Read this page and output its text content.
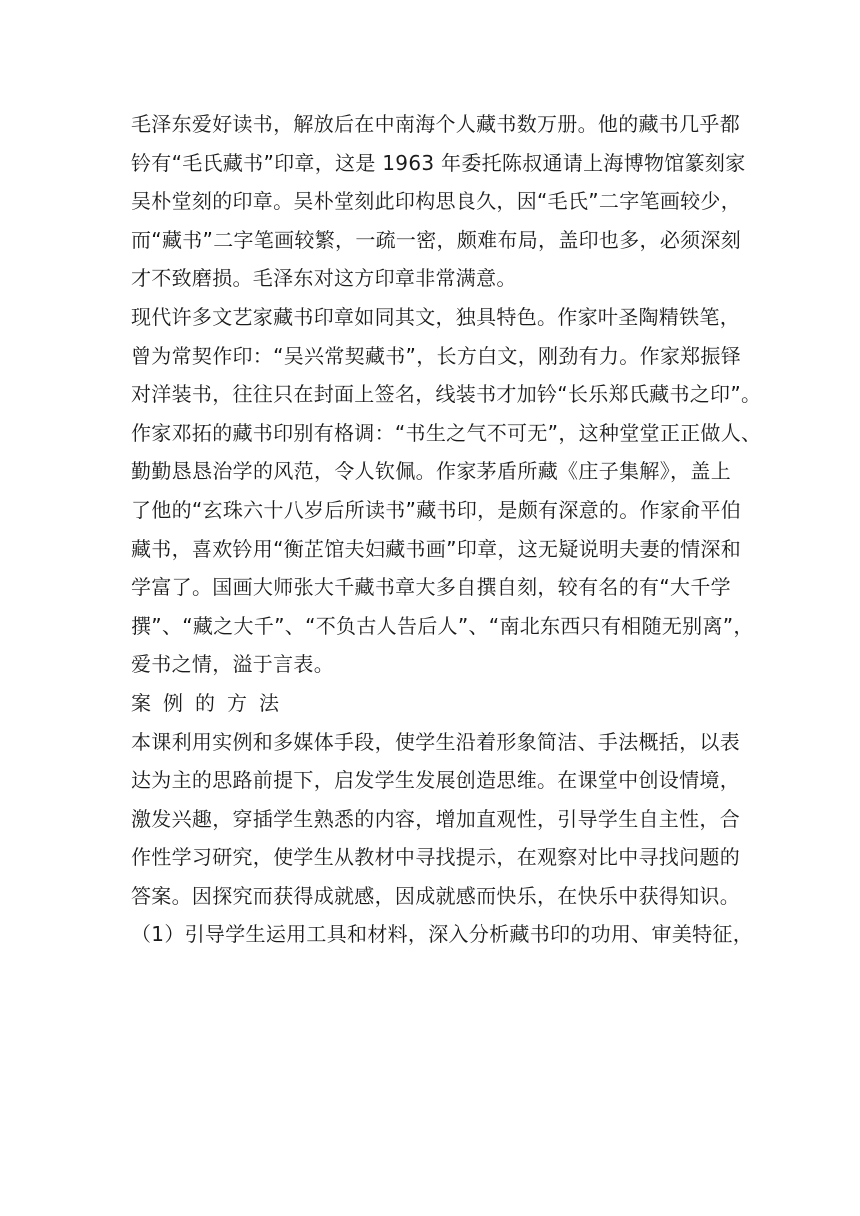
毛泽东爱好读书，解放后在中南海个人藏书数万册。他的藏书几乎都
钤有“毛氏藏书”印章，这是 1963 年委托陈叔通请上海博物馆篆刻家
吴朴堂刻的印章。吴朴堂刻此印构思良久，因“毛氏”二字笔画较少，
而“藏书”二字笔画较繁，一疏一密，颇难布局，盖印也多，必须深刻
才不致磨损。毛泽东对这方印章非常满意。
现代许多文艺家藏书印章如同其文，独具特色。作家叶圣陶精铁笔，
曾为常契作印：“吴兴常契藏书”，长方白文，刚劲有力。作家郑振铎
对洋装书，往往只在封面上签名，线装书才加钤“长乐郑氏藏书之印”。
作家邓拓的藏书印别有格调：“书生之气不可无”，这种堂堂正正做人、
勤勤恳恳治学的风范，令人钦佩。作家茅盾所藏《庄子集解》，盖上
了他的“玄珠六十八岁后所读书”藏书印，是颇有深意的。作家俞平伯
藏书，喜欢钤用“衡芷馆夫妇藏书画”印章，这无疑说明夫妻的情深和
学富了。国画大师张大千藏书章大多自撰自刻，较有名的有“大千学
撰”、“藏之大千”、“不负古人告后人”、“南北东西只有相随无别离”，
爱书之情，溢于言表。
案例的方法
本课利用实例和多媒体手段，使学生沿着形象简洁、手法概括，以表
达为主的思路前提下，启发学生发展创造思维。在课堂中创设情境，
激发兴趣，穿插学生熟悉的内容，增加直观性，引导学生自主性，合
作性学习研究，使学生从教材中寻找提示，在观察对比中寻找问题的
答案。因探究而获得成就感，因成就感而快乐，在快乐中获得知识。
（1）引导学生运用工具和材料，深入分析藏书印的功用、审美特征，
